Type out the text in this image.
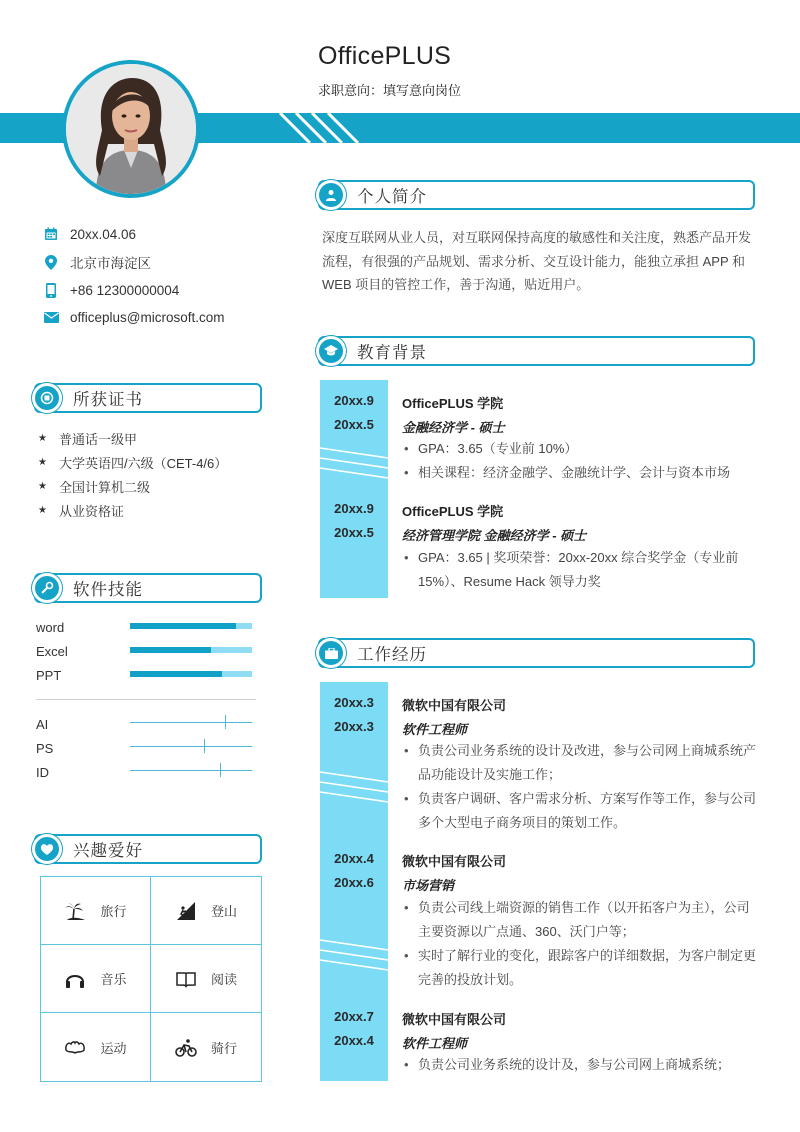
OfficePLUS
求职意向：填写意向岗位
20xx.04.06
北京市海淀区
+86 12300000004
officeplus@microsoft.com
所获证书
★ 普通话一级甲
★ 大学英语四/六级（CET-4/6）
★ 全国计算机二级
★ 从业资格证
软件技能
word
Excel
PPT
AI
PS
ID
兴趣爱好
旅行	登山
音乐	阅读
运动	骑行
个人简介
深度互联网从业人员，对互联网保持高度的敏感性和关注度，熟悉产品开发流程，有很强的产品规划、需求分析、交互设计能力，能独立承担 APP 和 WEB 项目的管控工作，善于沟通，贴近用户。
教育背景
20xx.9
20xx.5
OfficePLUS 学院
金融经济学 - 硕士
• GPA：3.65（专业前 10%）
• 相关课程：经济金融学、金融统计学、会计与资本市场
20xx.9
20xx.5
OfficePLUS 学院
经济管理学院 金融经济学 - 硕士
• GPA：3.65 | 奖项荣誉：20xx-20xx 综合奖学金（专业前 15%）、Resume Hack 领导力奖
工作经历
20xx.3
20xx.3
微软中国有限公司
软件工程师
• 负责公司业务系统的设计及改进，参与公司网上商城系统产品功能设计及实施工作；
• 负责客户调研、客户需求分析、方案写作等工作，参与公司多个大型电子商务项目的策划工作。
20xx.4
20xx.6
微软中国有限公司
市场营销
• 负责公司线上端资源的销售工作（以开拓客户为主），公司主要资源以广点通、360、沃门户等；
• 实时了解行业的变化，跟踪客户的详细数据，为客户制定更完善的投放计划。
20xx.7
20xx.4
微软中国有限公司
软件工程师
• 负责公司业务系统的设计及，参与公司网上商城系统；
